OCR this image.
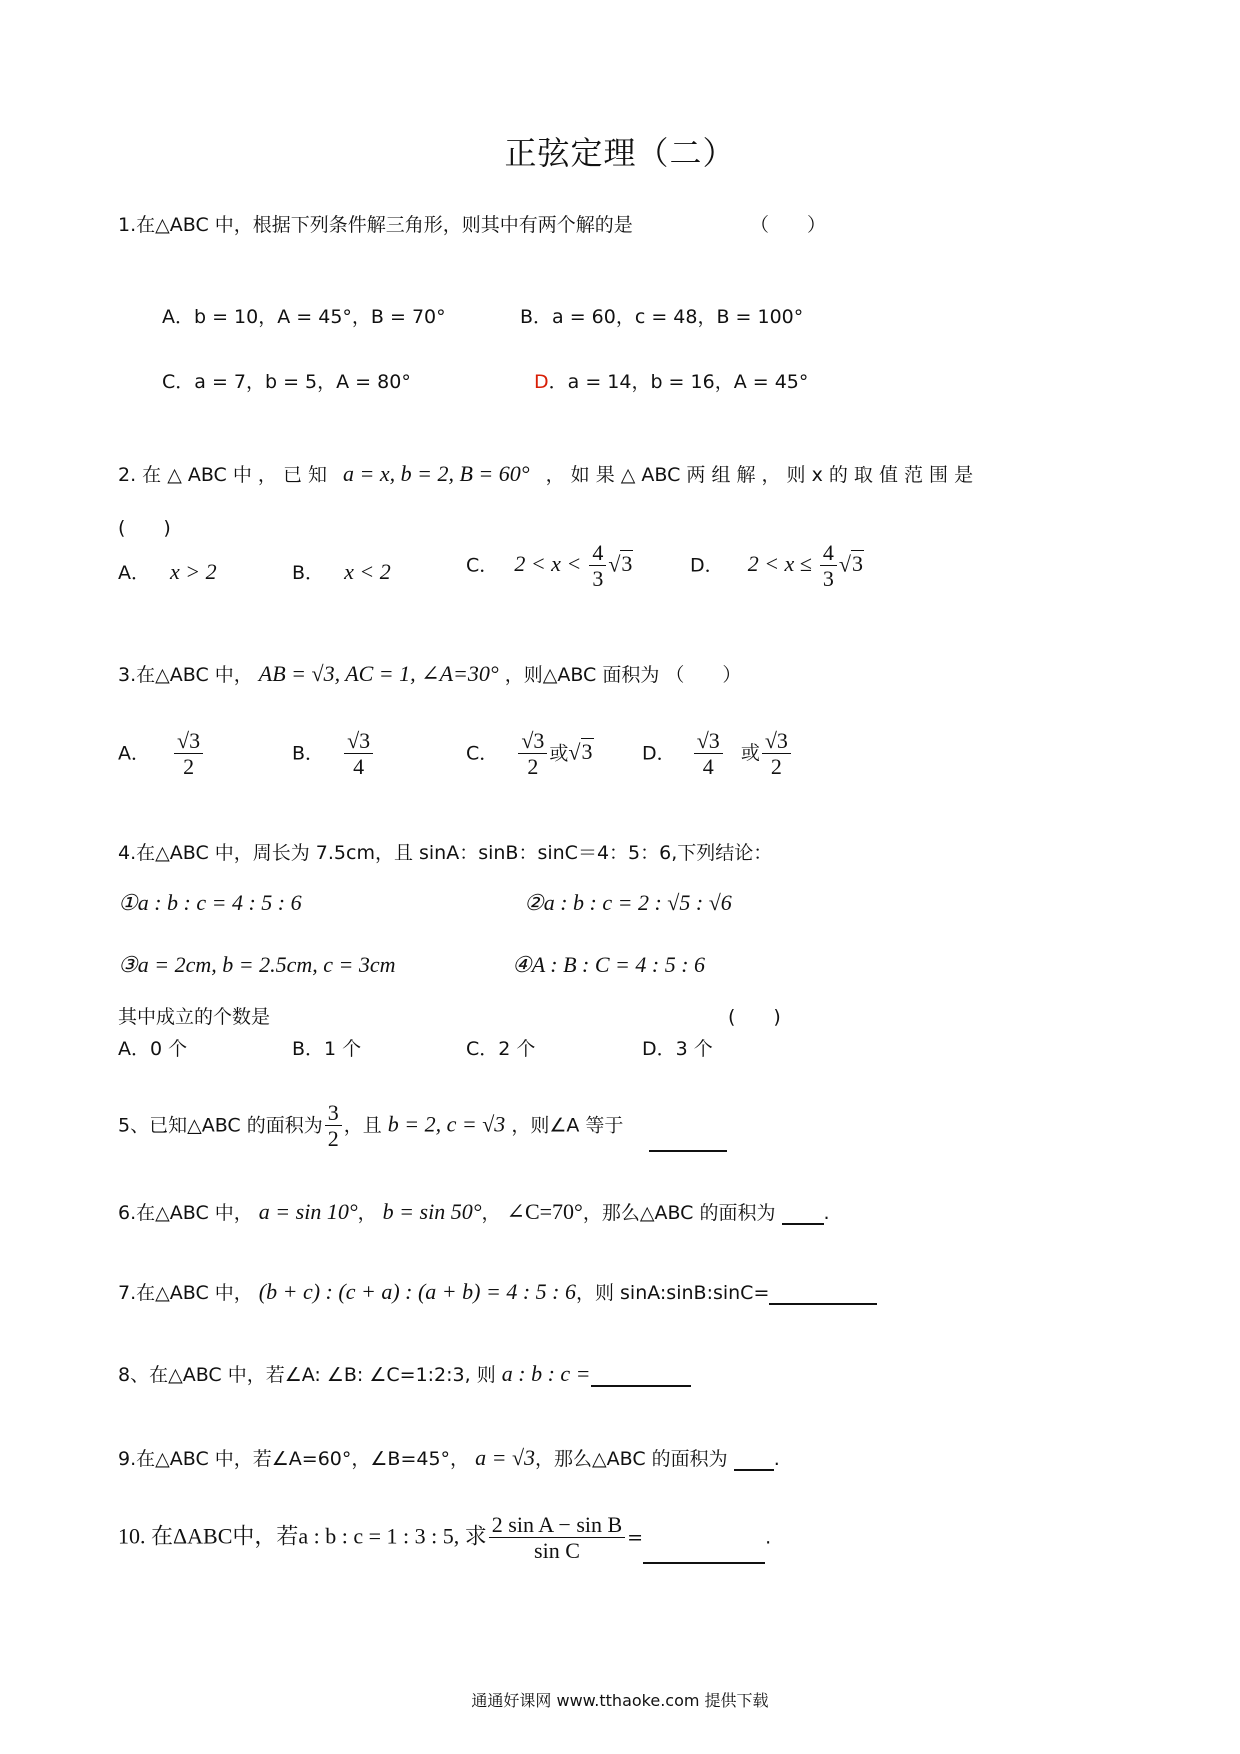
正弦定理（二）
1.在△ABC 中，根据下列条件解三角形，则其中有两个解的是	（　　）
A．b = 10，A = 45°，B = 70°	B．a = 60，c = 48，B = 100°
C．a = 7，b = 5，A = 80°	D．a = 14，b = 16，A = 45°
2. 在 △ ABC 中 ， 已 知 a = x, b = 2, B = 60° ， 如 果 △ ABC 两 组 解 ， 则 x 的 取 值 范 围 是
(　　)
A． x > 2	B． x < 2	C． $2 < x < \frac{4}{3} √3$	D． $2 < x \le \frac{4}{3} √3$
3.在△ABC 中， AB = √3, AC = 1, ∠A=30° ，则△ABC 面积为 （　　）
A． $\frac{√3}{2}$	B． $\frac{√3}{4}$	C． $\frac{√3}{2}$ 或√3	D． $\frac{√3}{4}$ 或 $\frac{√3}{2}$
4.在△ABC 中，周长为 7.5cm，且 sinA：sinB：sinC＝4：5：6,下列结论：
①a : b : c = 4 : 5 : 6	②a : b : c = 2 : √5 : √6
③a = 2cm, b = 2.5cm, c = 3cm	④A : B : C = 4 : 5 : 6
其中成立的个数是	(　　)
A．0 个	B．1 个	C．2 个	D．3 个
5、已知△ABC 的面积为 $\frac{3}{2}$ ，且 b = 2, c = √3 ，则∠A 等于
6.在△ABC 中， a = sin 10°， b = sin 50°， ∠C=70°，那么△ABC 的面积为	.
7.在△ABC 中， (b + c) : (c + a) : (a + b) = 4 : 5 : 6，则 sinA:sinB:sinC=
8、在△ABC 中，若∠A: ∠B: ∠C=1:2:3, 则 a : b : c =
9.在△ABC 中，若∠A=60°，∠B=45°， a = √3，那么△ABC 的面积为 .
10. 在ΔABC中，若a : b : c = 1 : 3 : 5, 求 $\frac{\text{2 sin A − sin B}}{\text{sin C}}$ =	.
通通好课网 www.tthaoke.com 提供下载
